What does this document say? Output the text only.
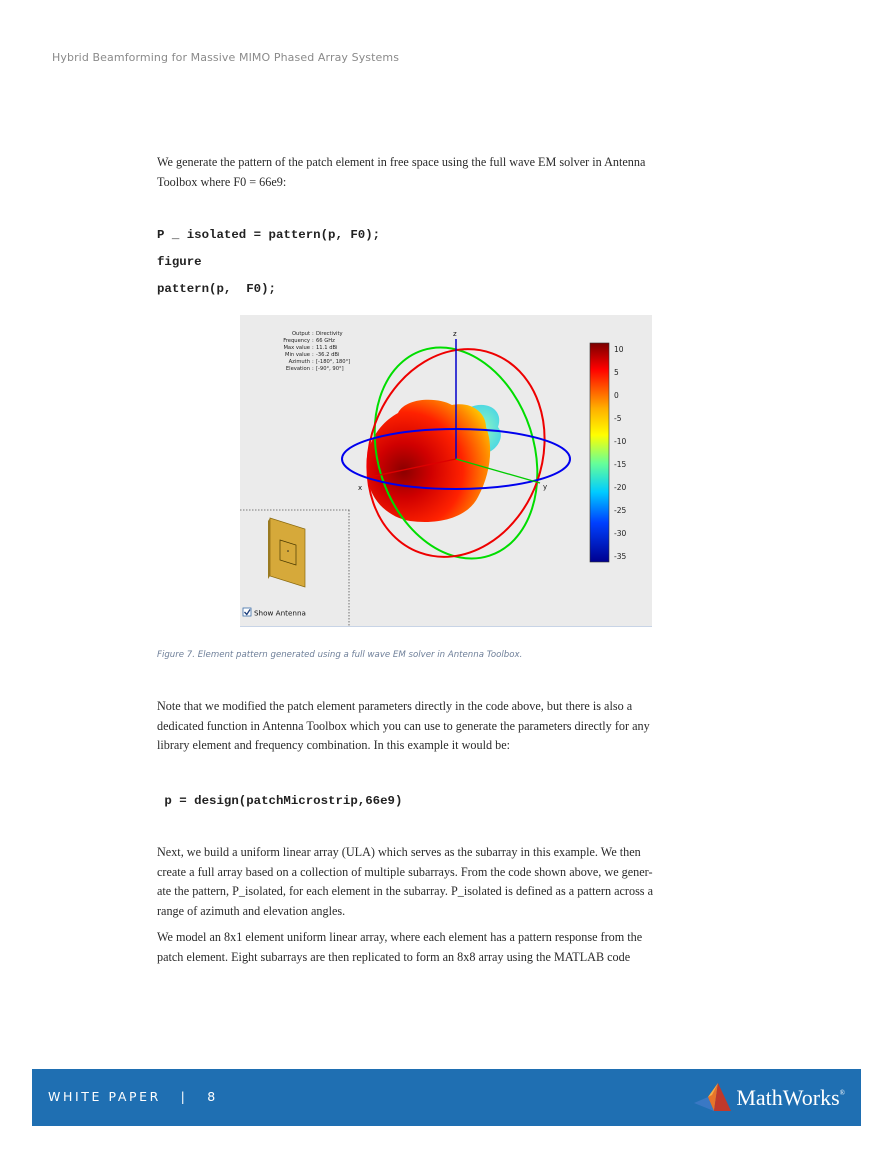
Hybrid Beamforming for Massive MIMO Phased Array Systems

We generate the pattern of the patch element in free space using the full wave EM solver in Antenna
Toolbox where F0 = 66e9:

P _ isolated = pattern(p, F0);
figure
pattern(p,  F0);
Output : Directivity
Frequency : 66 GHz
Max value : 11.1 dBi
Min value : -36.2 dBi
Azimuth : [-180°, 180°]
Elevation : [-90°, 90°]
z
x	y
10
5
0
-5
-10
-15
-20
-25
-30
-35
Show Antenna
Figure 7. Element pattern generated using a full wave EM solver in Antenna Toolbox.

Note that we modified the patch element parameters directly in the code above, but there is also a
dedicated function in Antenna Toolbox which you can use to generate the parameters directly for any
library element and frequency combination. In this example it would be:

p = design(patchMicrostrip,66e9)

Next, we build a uniform linear array (ULA) which serves as the subarray in this example. We then
create a full array based on a collection of multiple subarrays. From the code shown above, we gener-
ate the pattern, P_isolated, for each element in the subarray. P_isolated is defined as a pattern across a
range of azimuth and elevation angles.

We model an 8x1 element uniform linear array, where each element has a pattern response from the
patch element. Eight subarrays are then replicated to form an 8x8 array using the MATLAB code

WHITE PAPER   |   8	MathWorks®
